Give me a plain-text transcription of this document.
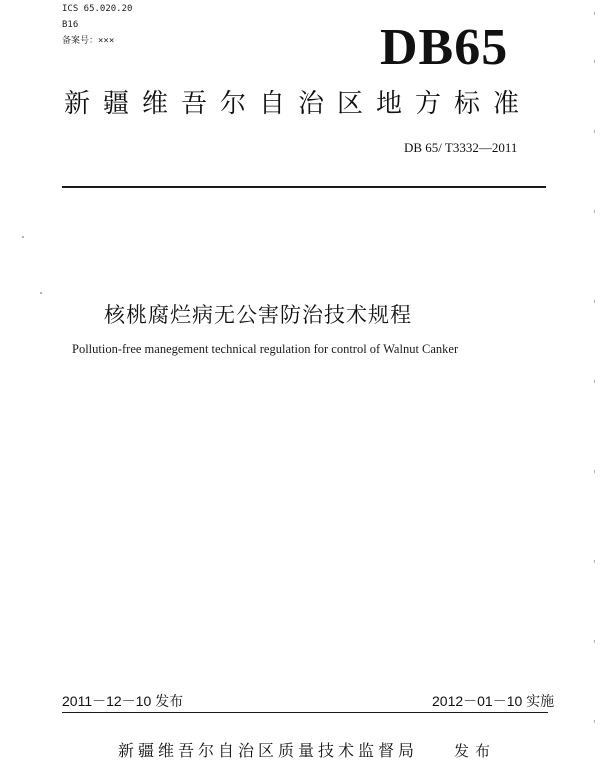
ICS 65.020.20
B16
备案号：×××	DB65
新疆维吾尔自治区地方标准
DB 65/ T3332—2011
核桃腐烂病无公害防治技术规程
Pollution-free manegement technical regulation for control of Walnut Canker
2011－12－10 发布	2012－01－10 实施
新疆维吾尔自治区质量技术监督局 发布
